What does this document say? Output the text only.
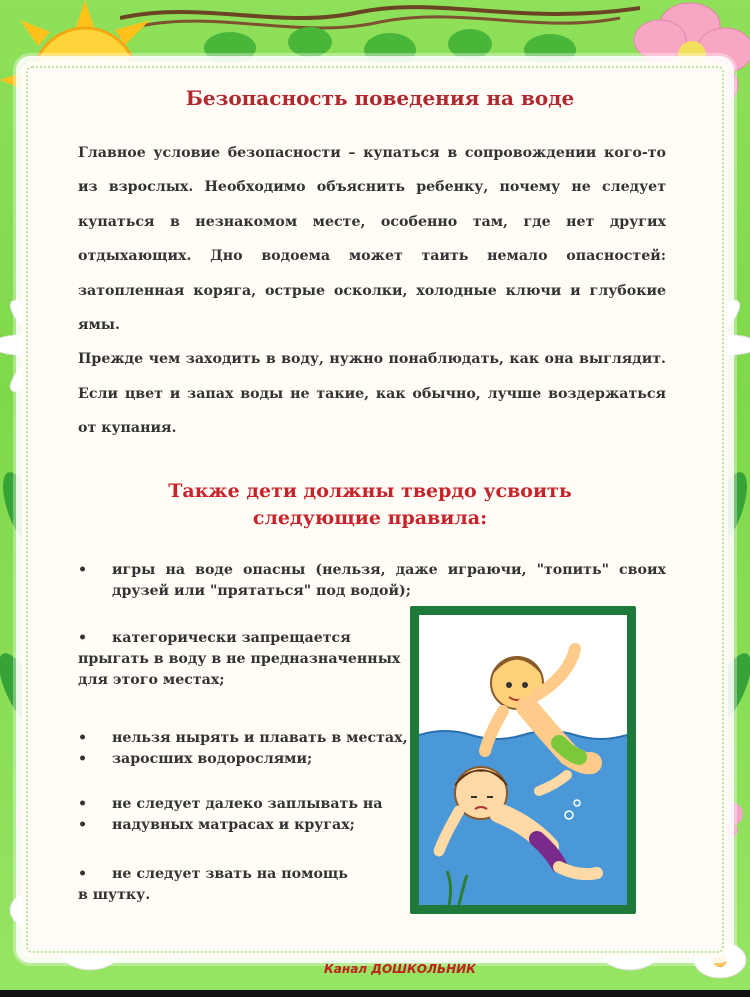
Безопасность поведения на воде

Главное условие безопасности – купаться в сопровождении кого-то из взрослых. Необходимо объяснить ребенку, почему не следует купаться в незнакомом месте, особенно там, где нет других отдыхающих. Дно водоема может таить немало опасностей: затопленная коряга, острые осколки, холодные ключи и глубокие ямы.

Прежде чем заходить в воду, нужно понаблюдать, как она выглядит. Если цвет и запах воды не такие, как обычно, лучше воздержаться от купания.

Также дети должны твердо усвоить
следующие правила:
•	игры на воде опасны (нельзя, даже играючи, "топить" своих друзей или "прятаться" под водой);
•	категорически запрещается
прыгать в воду в не предназначенных для этого местах;
•
•
нельзя нырять и плавать в местах, заросших водорослями;
•
•
не следует далеко заплывать на надувных матрасах и кругах;
•	не следует звать на помощь
в шутку.
Канал ДОШКОЛЬНИК
